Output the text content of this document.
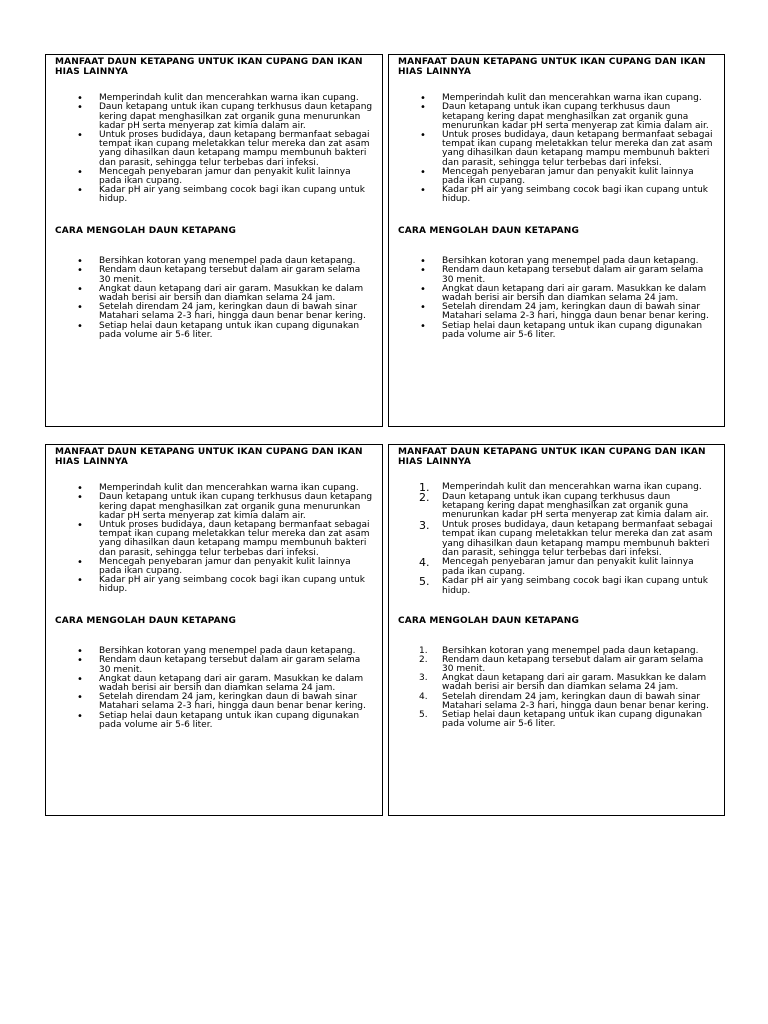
MANFAAT DAUN KETAPANG UNTUK IKAN CUPANG DAN IKAN HIAS LAINNYA

• Memperindah kulit dan mencerahkan warna ikan cupang.
• Daun ketapang untuk ikan cupang terkhusus daun ketapang kering dapat menghasilkan zat organik guna menurunkan kadar pH serta menyerap zat kimia dalam air.
• Untuk proses budidaya, daun ketapang bermanfaat sebagai tempat ikan cupang meletakkan telur mereka dan zat asam yang dihasilkan daun ketapang mampu membunuh bakteri dan parasit, sehingga telur terbebas dari infeksi.
• Mencegah penyebaran jamur dan penyakit kulit lainnya pada ikan cupang.
• Kadar pH air yang seimbang cocok bagi ikan cupang untuk hidup.

CARA MENGOLAH DAUN KETAPANG

• Bersihkan kotoran yang menempel pada daun ketapang.
• Rendam daun ketapang tersebut dalam air garam selama 30 menit.
• Angkat daun ketapang dari air garam. Masukkan ke dalam wadah berisi air bersih dan diamkan selama 24 jam.
• Setelah direndam 24 jam, keringkan daun di bawah sinar Matahari selama 2-3 hari, hingga daun benar benar kering.
• Setiap helai daun ketapang untuk ikan cupang digunakan pada volume air 5-6 liter.

MANFAAT DAUN KETAPANG UNTUK IKAN CUPANG DAN IKAN HIAS LAINNYA

• Memperindah kulit dan mencerahkan warna ikan cupang.
• Daun ketapang untuk ikan cupang terkhusus daun ketapang kering dapat menghasilkan zat organik guna menurunkan kadar pH serta menyerap zat kimia dalam air.
• Untuk proses budidaya, daun ketapang bermanfaat sebagai tempat ikan cupang meletakkan telur mereka dan zat asam yang dihasilkan daun ketapang mampu membunuh bakteri dan parasit, sehingga telur terbebas dari infeksi.
• Mencegah penyebaran jamur dan penyakit kulit lainnya pada ikan cupang.
• Kadar pH air yang seimbang cocok bagi ikan cupang untuk hidup.

CARA MENGOLAH DAUN KETAPANG

• Bersihkan kotoran yang menempel pada daun ketapang.
• Rendam daun ketapang tersebut dalam air garam selama 30 menit.
• Angkat daun ketapang dari air garam. Masukkan ke dalam wadah berisi air bersih dan diamkan selama 24 jam.
• Setelah direndam 24 jam, keringkan daun di bawah sinar Matahari selama 2-3 hari, hingga daun benar benar kering.
• Setiap helai daun ketapang untuk ikan cupang digunakan pada volume air 5-6 liter.

MANFAAT DAUN KETAPANG UNTUK IKAN CUPANG DAN IKAN HIAS LAINNYA

• Memperindah kulit dan mencerahkan warna ikan cupang.
• Daun ketapang untuk ikan cupang terkhusus daun ketapang kering dapat menghasilkan zat organik guna menurunkan kadar pH serta menyerap zat kimia dalam air.
• Untuk proses budidaya, daun ketapang bermanfaat sebagai tempat ikan cupang meletakkan telur mereka dan zat asam yang dihasilkan daun ketapang mampu membunuh bakteri dan parasit, sehingga telur terbebas dari infeksi.
• Mencegah penyebaran jamur dan penyakit kulit lainnya pada ikan cupang.
• Kadar pH air yang seimbang cocok bagi ikan cupang untuk hidup.

CARA MENGOLAH DAUN KETAPANG

• Bersihkan kotoran yang menempel pada daun ketapang.
• Rendam daun ketapang tersebut dalam air garam selama 30 menit.
• Angkat daun ketapang dari air garam. Masukkan ke dalam wadah berisi air bersih dan diamkan selama 24 jam.
• Setelah direndam 24 jam, keringkan daun di bawah sinar Matahari selama 2-3 hari, hingga daun benar benar kering.
• Setiap helai daun ketapang untuk ikan cupang digunakan pada volume air 5-6 liter.

MANFAAT DAUN KETAPANG UNTUK IKAN CUPANG DAN IKAN HIAS LAINNYA

1. Memperindah kulit dan mencerahkan warna ikan cupang.
2. Daun ketapang untuk ikan cupang terkhusus daun ketapang kering dapat menghasilkan zat organik guna menurunkan kadar pH serta menyerap zat kimia dalam air.
3. Untuk proses budidaya, daun ketapang bermanfaat sebagai tempat ikan cupang meletakkan telur mereka dan zat asam yang dihasilkan daun ketapang mampu membunuh bakteri dan parasit, sehingga telur terbebas dari infeksi.
4. Mencegah penyebaran jamur dan penyakit kulit lainnya pada ikan cupang.
5. Kadar pH air yang seimbang cocok bagi ikan cupang untuk hidup.

CARA MENGOLAH DAUN KETAPANG

1. Bersihkan kotoran yang menempel pada daun ketapang.
2. Rendam daun ketapang tersebut dalam air garam selama 30 menit.
3. Angkat daun ketapang dari air garam. Masukkan ke dalam wadah berisi air bersih dan diamkan selama 24 jam.
4. Setelah direndam 24 jam, keringkan daun di bawah sinar Matahari selama 2-3 hari, hingga daun benar benar kering.
5. Setiap helai daun ketapang untuk ikan cupang digunakan pada volume air 5-6 liter.
